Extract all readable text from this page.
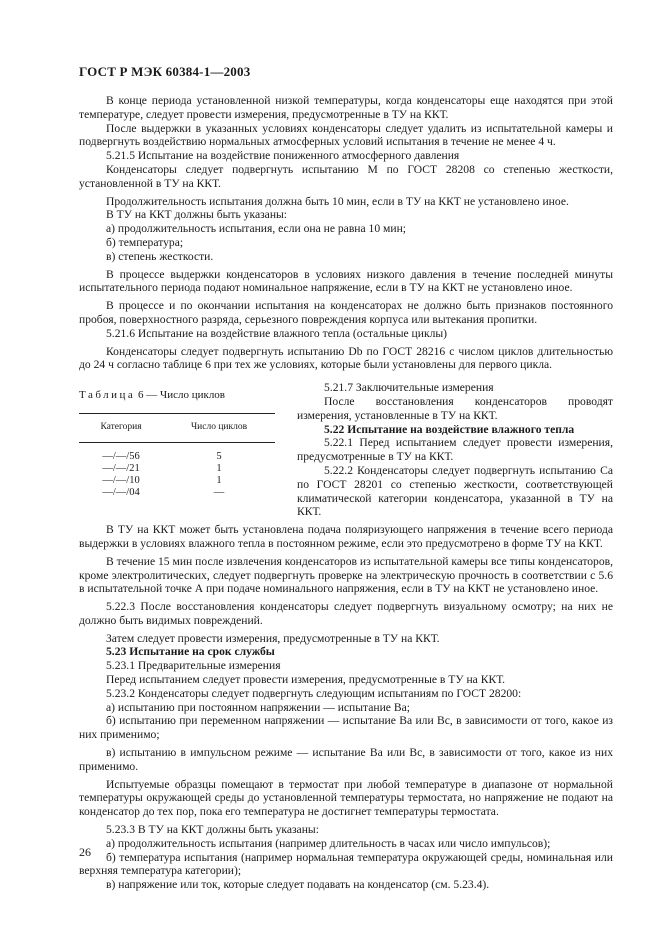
ГОСТ Р МЭК 60384-1—2003

В конце периода установленной низкой температуры, когда конденсаторы еще находятся при этой температуре, следует провести измерения, предусмотренные в ТУ на ККТ.

После выдержки в указанных условиях конденсаторы следует удалить из испытательной камеры и подвергнуть воздействию нормальных атмосферных условий испытания в течение не менее 4 ч.

5.21.5 Испытание на воздействие пониженного атмосферного давления

Конденсаторы следует подвергнуть испытанию М по ГОСТ 28208 со степенью жесткости, установленной в ТУ на ККТ.

Продолжительность испытания должна быть 10 мин, если в ТУ на ККТ не установлено иное.

В ТУ на ККТ должны быть указаны:

а) продолжительность испытания, если она не равна 10 мин;

б) температура;

в) степень жесткости.

В процессе выдержки конденсаторов в условиях низкого давления в течение последней минуты испытательного периода подают номинальное напряжение, если в ТУ на ККТ не установлено иное.

В процессе и по окончании испытания на конденсаторах не должно быть признаков постоянного пробоя, поверхностного разряда, серьезного повреждения корпуса или вытекания пропитки.

5.21.6 Испытание на воздействие влажного тепла (остальные циклы)

Конденсаторы следует подвергнуть испытанию Db по ГОСТ 28216 с числом циклов длительностью до 24 ч согласно таблице 6 при тех же условиях, которые были установлены для первого цикла.

Таблица 6 — Число циклов
Категория	Число циклов
—/—/56	5
—/—/21	1
—/—/10	1
—/—/04	—

5.21.7 Заключительные измерения

После восстановления конденсаторов проводят измерения, установленные в ТУ на ККТ.

5.22 Испытание на воздействие влажного тепла

5.22.1 Перед испытанием следует провести измерения, предусмотренные в ТУ на ККТ.

5.22.2 Конденсаторы следует подвергнуть испытанию Са по ГОСТ 28201 со степенью жесткости, соответствующей климатической категории конденсатора, указанной в ТУ на ККТ.

В ТУ на ККТ может быть установлена подача поляризующего напряжения в течение всего периода выдержки в условиях влажного тепла в постоянном режиме, если это предусмотрено в форме ТУ на ККТ.

В течение 15 мин после извлечения конденсаторов из испытательной камеры все типы конденсаторов, кроме электролитических, следует подвергнуть проверке на электрическую прочность в соответствии с 5.6 в испытательной точке А при подаче номинального напряжения, если в ТУ на ККТ не установлено иное.

5.22.3 После восстановления конденсаторы следует подвергнуть визуальному осмотру; на них не должно быть видимых повреждений.

Затем следует провести измерения, предусмотренные в ТУ на ККТ.

5.23 Испытание на срок службы

5.23.1 Предварительные измерения

Перед испытанием следует провести измерения, предусмотренные в ТУ на ККТ.

5.23.2 Конденсаторы следует подвергнуть следующим испытаниям по ГОСТ 28200:

а) испытанию при постоянном напряжении — испытание Ва;

б) испытанию при переменном напряжении — испытание Ва или Вс, в зависимости от того, какое из них применимо;

в) испытанию в импульсном режиме — испытание Ва или Вс, в зависимости от того, какое из них применимо.

Испытуемые образцы помещают в термостат при любой температуре в диапазоне от нормальной температуры окружающей среды до установленной температуры термостата, но напряжение не подают на конденсатор до тех пор, пока его температура не достигнет температуры термостата.

5.23.3 В ТУ на ККТ должны быть указаны:

а) продолжительность испытания (например длительность в часах или число импульсов);

б) температура испытания (например нормальная температура окружающей среды, номинальная или верхняя температура категории);

в) напряжение или ток, которые следует подавать на конденсатор (см. 5.23.4).

26
